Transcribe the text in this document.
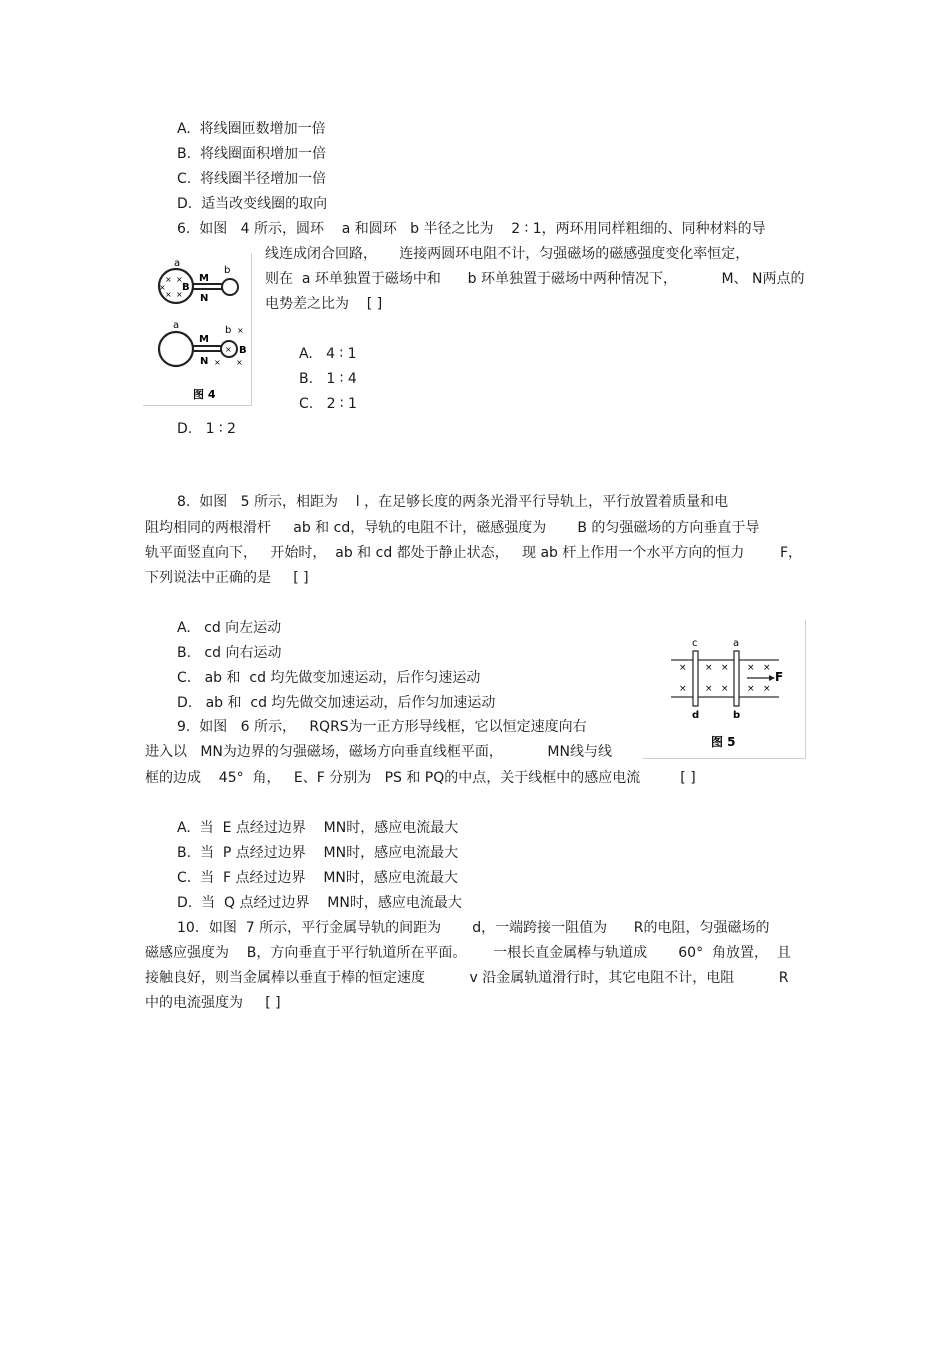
A.  将线圈匝数增加一倍
B.  将线圈面积增加一倍
C.  将线圈半径增加一倍
D.  适当改变线圈的取向
6.  如图   4 所示，圆环    a 和圆环   b 半径之比为    2 ∶ 1，两环用同样粗细的、同种材料的导
线连成闭合回路，     连接两圆环电阻不计，匀强磁场的磁感强度变化率恒定，
则在  a 环单独置于磁场中和      b 环单独置于磁场中两种情况下，          M、 N两点的
电势差之比为    [ ]
a
× ×
× ×
× B
M
N
b
a
M
N
×
b ×
B
×
×
图 4
A.   4 ∶ 1
B.   1 ∶ 4
C.   2 ∶ 1
D.   1 ∶ 2
8.  如图   5 所示，相距为    l ，在足够长度的两条光滑平行导轨上，平行放置着质量和电
阻均相同的两根滑杆     ab 和 cd，导轨的电阻不计，磁感强度为       B 的匀强磁场的方向垂直于导
轨平面竖直向下，   开始时，  ab 和 cd 都处于静止状态，   现 ab 杆上作用一个水平方向的恒力        F，
下列说法中正确的是     [ ]
A.   cd 向左运动
B.   cd 向右运动
C.   ab 和  cd 均先做变加速运动，后作匀速运动
D.   ab 和  cd 均先做交加速运动，后作匀加速运动
c	a
d	b
× × × × ×
× × × × ×
F
图 5
9.  如图   6 所示，   RQRS为一正方形导线框，它以恒定速度向右
进入以   MN为边界的匀强磁场，磁场方向垂直线框平面，          MN线与线
框的边成    45°  角，   E、F 分别为   PS 和 PQ的中点，关于线框中的感应电流         [ ]
A.  当  E 点经过边界    MN时，感应电流最大
B.  当  P 点经过边界    MN时，感应电流最大
C.  当  F 点经过边界    MN时，感应电流最大
D.  当  Q 点经过边界    MN时，感应电流最大
10．如图  7 所示，平行金属导轨的间距为       d，一端跨接一阻值为      R的电阻，匀强磁场的
磁感应强度为    B，方向垂直于平行轨道所在平面。      一根长直金属棒与轨道成       60°  角放置，  且
接触良好，则当金属棒以垂直于棒的恒定速度          v 沿金属轨道滑行时，其它电阻不计，电阻          R
中的电流强度为     [ ]
